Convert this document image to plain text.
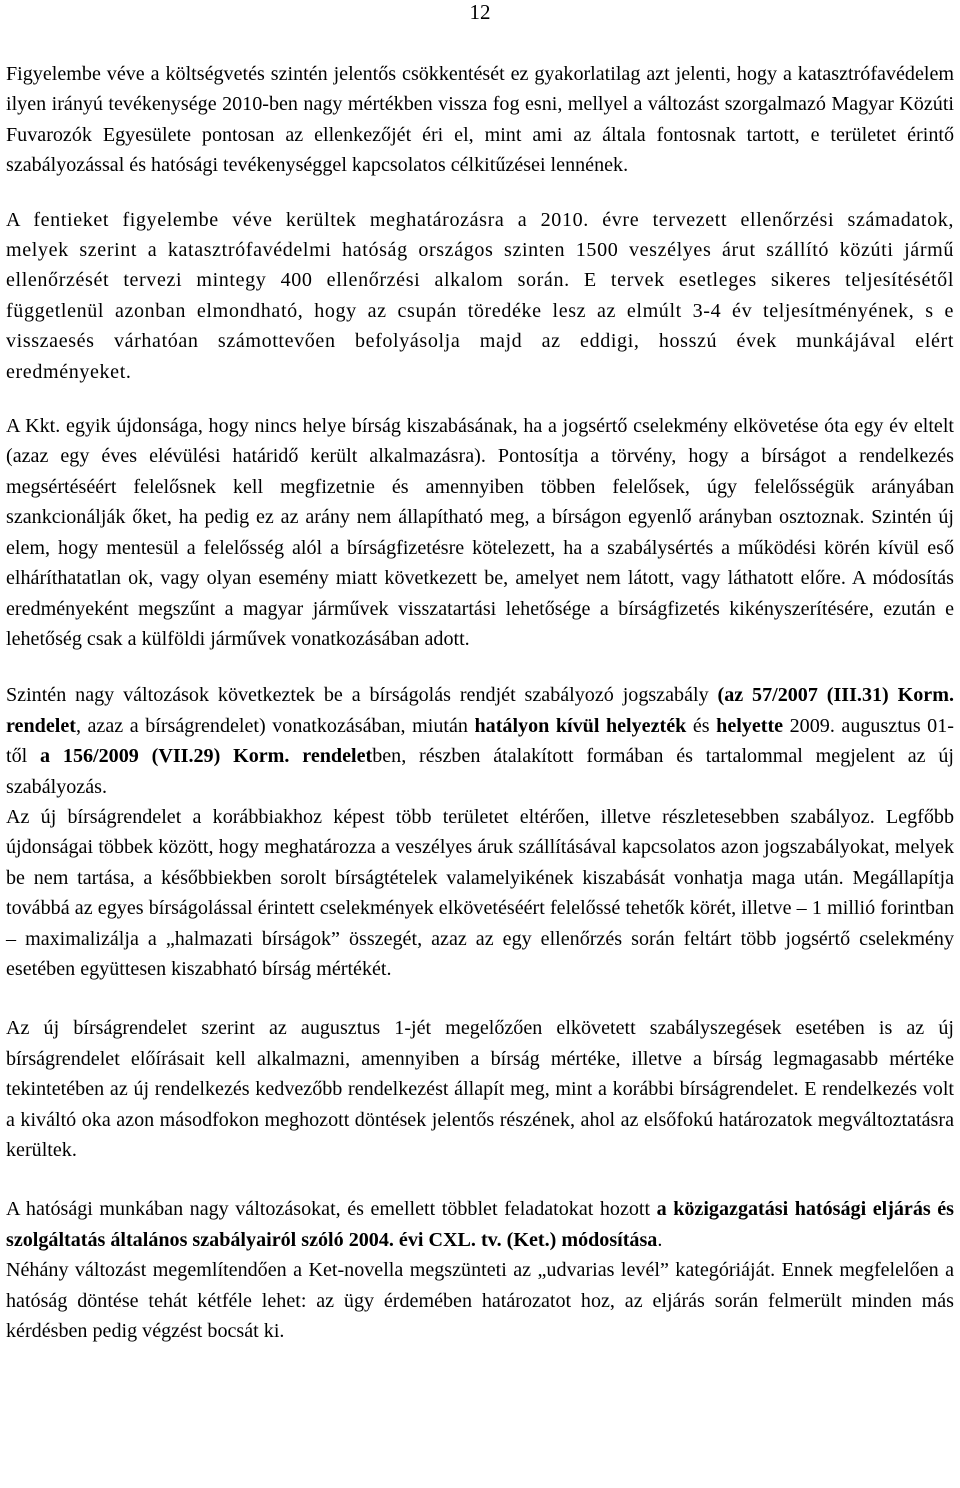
12

Figyelembe véve a költségvetés szintén jelentős csökkentését ez gyakorlatilag azt jelenti, hogy a katasztrófavédelem ilyen irányú tevékenysége 2010-ben nagy mértékben vissza fog esni, mellyel a változást szorgalmazó Magyar Közúti Fuvarozók Egyesülete pontosan az ellenkezőjét éri el, mint ami az általa fontosnak tartott, e területet érintő szabályozással és hatósági tevékenységgel kapcsolatos célkitűzései lennének.

A fentieket figyelembe véve kerültek meghatározásra a 2010. évre tervezett ellenőrzési számadatok, melyek szerint a katasztrófavédelmi hatóság országos szinten 1500 veszélyes árut szállító közúti jármű ellenőrzését tervezi mintegy 400 ellenőrzési alkalom során. E tervek esetleges sikeres teljesítésétől függetlenül azonban elmondható, hogy az csupán töredéke lesz az elmúlt 3-4 év teljesítményének, s e visszaesés várhatóan számottevően befolyásolja majd az eddigi, hosszú évek munkájával elért eredményeket.

A Kkt. egyik újdonsága, hogy nincs helye bírság kiszabásának, ha a jogsértő cselekmény elkövetése óta egy év eltelt (azaz egy éves elévülési határidő került alkalmazásra). Pontosítja a törvény, hogy a bírságot a rendelkezés megsértéséért felelősnek kell megfizetnie és amennyiben többen felelősek, úgy felelősségük arányában szankcionálják őket, ha pedig ez az arány nem állapítható meg, a bírságon egyenlő arányban osztoznak. Szintén új elem, hogy mentesül a felelősség alól a bírságfizetésre kötelezett, ha a szabálysértés a működési körén kívül eső elháríthatatlan ok, vagy olyan esemény miatt következett be, amelyet nem látott, vagy láthatott előre. A módosítás eredményeként megszűnt a magyar járművek visszatartási lehetősége a bírságfizetés kikényszerítésére, ezután e lehetőség csak a külföldi járművek vonatkozásában adott.

Szintén nagy változások következtek be a bírságolás rendjét szabályozó jogszabály (az 57/2007 (III.31) Korm. rendelet, azaz a bírságrendelet) vonatkozásában, miután hatályon kívül helyezték és helyette 2009. augusztus 01-től a 156/2009 (VII.29) Korm. rendeletben, részben átalakított formában és tartalommal megjelent az új szabályozás.

Az új bírságrendelet a korábbiakhoz képest több területet eltérően, illetve részletesebben szabályoz. Legfőbb újdonságai többek között, hogy meghatározza a veszélyes áruk szállításával kapcsolatos azon jogszabályokat, melyek be nem tartása, a későbbiekben sorolt bírságtételek valamelyikének kiszabását vonhatja maga után. Megállapítja továbbá az egyes bírságolással érintett cselekmények elkövetéséért felelőssé tehetők körét, illetve – 1 millió forintban – maximalizálja a „halmazati bírságok” összegét, azaz az egy ellenőrzés során feltárt több jogsértő cselekmény esetében együttesen kiszabható bírság mértékét.

Az új bírságrendelet szerint az augusztus 1-jét megelőzően elkövetett szabályszegések esetében is az új bírságrendelet előírásait kell alkalmazni, amennyiben a bírság mértéke, illetve a bírság legmagasabb mértéke tekintetében az új rendelkezés kedvezőbb rendelkezést állapít meg, mint a korábbi bírságrendelet. E rendelkezés volt a kiváltó oka azon másodfokon meghozott döntések jelentős részének, ahol az elsőfokú határozatok megváltoztatásra kerültek.

A hatósági munkában nagy változásokat, és emellett többlet feladatokat hozott a közigazgatási hatósági eljárás és szolgáltatás általános szabályairól szóló 2004. évi CXL. tv. (Ket.) módosítása.

Néhány változást megemlítendően a Ket-novella megszünteti az „udvarias levél” kategóriáját. Ennek megfelelően a hatóság döntése tehát kétféle lehet: az ügy érdemében határozatot hoz, az eljárás során felmerült minden más kérdésben pedig végzést bocsát ki.
